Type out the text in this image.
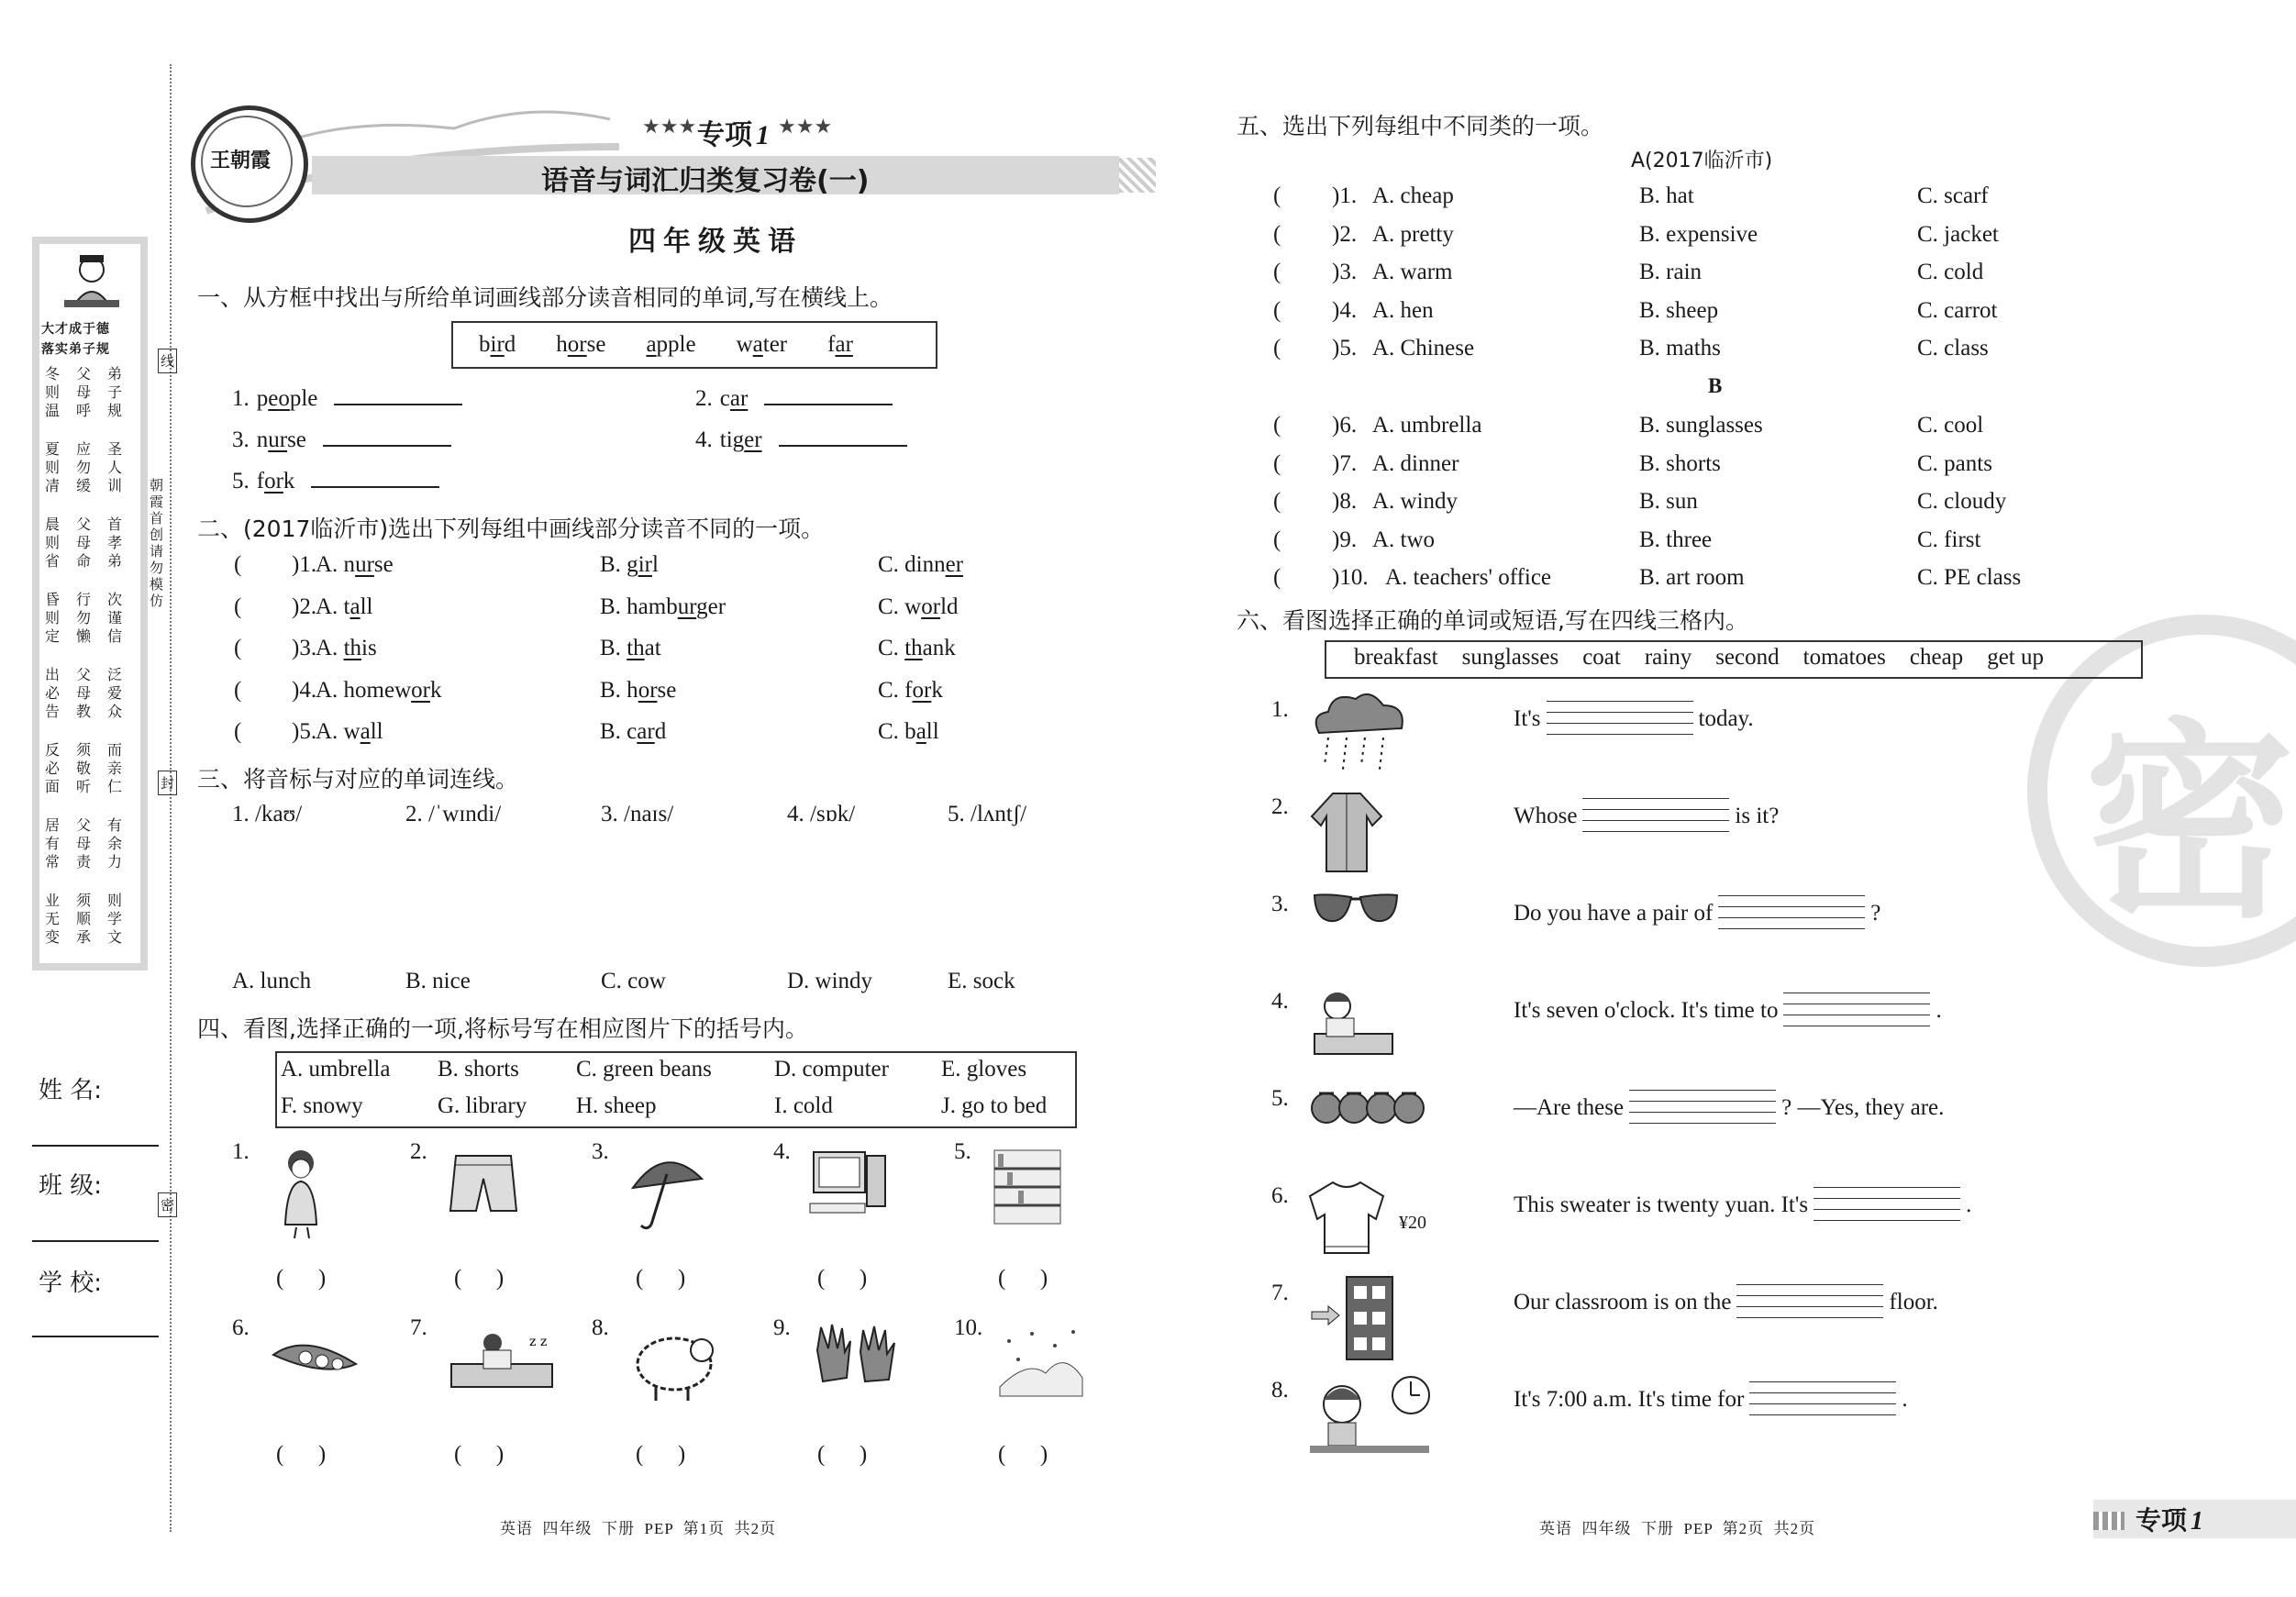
大才成于德
落实弟子规
冬则温
父母呼
弟子规
夏则凊
应勿缓
圣人训
晨则省
父母命
首孝弟
昏则定
行勿懒
次谨信
出必告
父母教
泛爱众
反必面
须敬听
而亲仁
居有常
父母责
有余力
业无变
须顺承
则学文
线
朝霞首创 请勿模仿
封
密
姓 名:
班 级:
学 校:
王朝霞
★★★ 专项 1 ★★★
语音与词汇归类复习卷(一)
四年级英语
一、从方框中找出与所给单词画线部分读音相同的单词,写在横线上。
bird horse apple water far
1. people	2. car
3. nurse	4. tiger
5. fork
二、(2017临沂市)选出下列每组中画线部分读音不同的一项。
( )1.
A. nurse	B. girl	C. dinner
( )2.
A. tall	B. hamburger	C. world
( )3.
A. this	B. that	C. thank
( )4.
A. homework	B. horse	C. fork
( )5.
A. wall	B. card	C. ball
三、将音标与对应的单词连线。
1. /kaʊ/	2. /ˈwɪndi/	3. /naɪs/	4. /sɒk/	5. /lʌntʃ/
A. lunch	B. nice	C. cow	D. windy	E. sock
四、看图,选择正确的一项,将标号写在相应图片下的括号内。
A. umbrella B. shorts C. green beans	D. computer E. gloves
F. snowy	G. library H. sheep	I. cold	J. go to bed
1.
(      )
2.
(      )
3.
(      )
4.
(      )
5.
(      )
6.
(      )
7.
z z
(      )
8.
(      )
9.
(      )
10.
(      )
英语  四年级  下册  PEP  第1页  共2页
密
五、选出下列每组中不同类的一项。
A(2017临沂市)
B
( )1. A. cheap	B. hat	C. scarf
( )2. A. pretty	B. expensive	C. jacket
( )3. A. warm	B. rain	C. cold
( )4. A. hen	B. sheep	C. carrot
( )5. A. Chinese	B. maths	C. class
( )6. A. umbrella	B. sunglasses	C. cool
( )7. A. dinner	B. shorts	C. pants
( )8. A. windy	B. sun	C. cloudy
( )9. A. two	B. three	C. first
( )10. A. teachers' office	B. art room	C. PE class
六、看图选择正确的单词或短语,写在四线三格内。
breakfast sunglasses coat rainy second tomatoes cheap get up
1.	It's	today.
2.	Whose	is it?
3.	Do you have a pair of	?
4.	It's seven o'clock. It's time to	.
5.	—Are these	? —Yes, they are.
6.	This sweater is twenty yuan. It's	.
7.	Our classroom is on the	floor.
8.	It's 7:00 a.m. It's time for	.
¥20
英语  四年级  下册  PEP  第2页  共2页	专项 1
